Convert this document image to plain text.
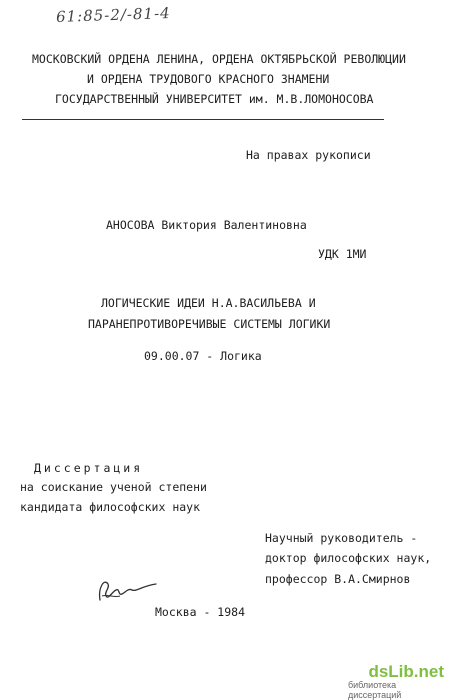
61:85-2/-81-4
МОСКОВСКИЙ ОРДЕНА ЛЕНИНА, ОРДЕНА ОКТЯБРЬСКОЙ РЕВОЛЮЦИИ
И ОРДЕНА ТРУДОВОГО КРАСНОГО ЗНАМЕНИ
ГОСУДАРСТВЕННЫЙ УНИВЕРСИТЕТ им. М.В.ЛОМОНОСОВА
На правах рукописи
АНОСОВА Виктория Валентиновна
УДК 1МИ
ЛОГИЧЕСКИЕ ИДЕИ Н.А.ВАСИЛЬЕВА И
ПАРАНЕПРОТИВОРЕЧИВЫЕ СИСТЕМЫ ЛОГИКИ
09.00.07 - Логика
Диссертация
на соискание ученой степени
кандидата философских наук
Научный руководитель -
доктор философских наук,
профессор В.А.Смирнов
Москва - 1984
dsLib.net
библиотека диссертаций
